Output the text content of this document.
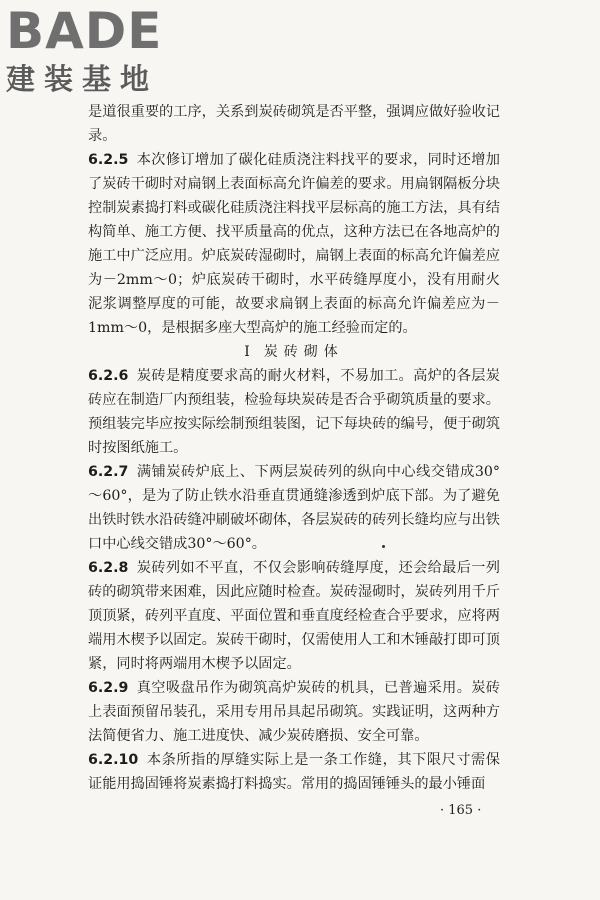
BADE
建装基地

是道很重要的工序，关系到炭砖砌筑是否平整，强调应做好验收记录。

6.2.5 本次修订增加了碳化硅质浇注料找平的要求，同时还增加了炭砖干砌时对扁钢上表面标高允许偏差的要求。用扁钢隔板分块控制炭素捣打料或碳化硅质浇注料找平层标高的施工方法，具有结构简单、施工方便、找平质量高的优点，这种方法已在各地高炉的施工中广泛应用。炉底炭砖湿砌时，扁钢上表面的标高允许偏差应为－2mm～0；炉底炭砖干砌时，水平砖缝厚度小，没有用耐火泥浆调整厚度的可能，故要求扁钢上表面的标高允许偏差应为－1mm～0，是根据多座大型高炉的施工经验而定的。

Ⅰ 炭砖砌体

6.2.6 炭砖是精度要求高的耐火材料，不易加工。高炉的各层炭砖应在制造厂内预组装，检验每块炭砖是否合乎砌筑质量的要求。预组装完毕应按实际绘制预组装图，记下每块砖的编号，便于砌筑时按图纸施工。

6.2.7 满铺炭砖炉底上、下两层炭砖列的纵向中心线交错成30°～60°，是为了防止铁水沿垂直贯通缝渗透到炉底下部。为了避免出铁时铁水沿砖缝冲刷破坏砌体，各层炭砖的砖列长缝均应与出铁口中心线交错成30°～60°。

6.2.8 炭砖列如不平直，不仅会影响砖缝厚度，还会给最后一列砖的砌筑带来困难，因此应随时检查。炭砖湿砌时，炭砖列用千斤顶顶紧，砖列平直度、平面位置和垂直度经检查合乎要求，应将两端用木楔予以固定。炭砖干砌时，仅需使用人工和木锤敲打即可顶紧，同时将两端用木楔予以固定。

6.2.9 真空吸盘吊作为砌筑高炉炭砖的机具，已普遍采用。炭砖上表面预留吊装孔，采用专用吊具起吊砌筑。实践证明，这两种方法简便省力、施工进度快、减少炭砖磨损、安全可靠。

6.2.10 本条所指的厚缝实际上是一条工作缝，其下限尺寸需保证能用捣固锤将炭素捣打料捣实。常用的捣固锤锤头的最小锤面

· 165 ·
